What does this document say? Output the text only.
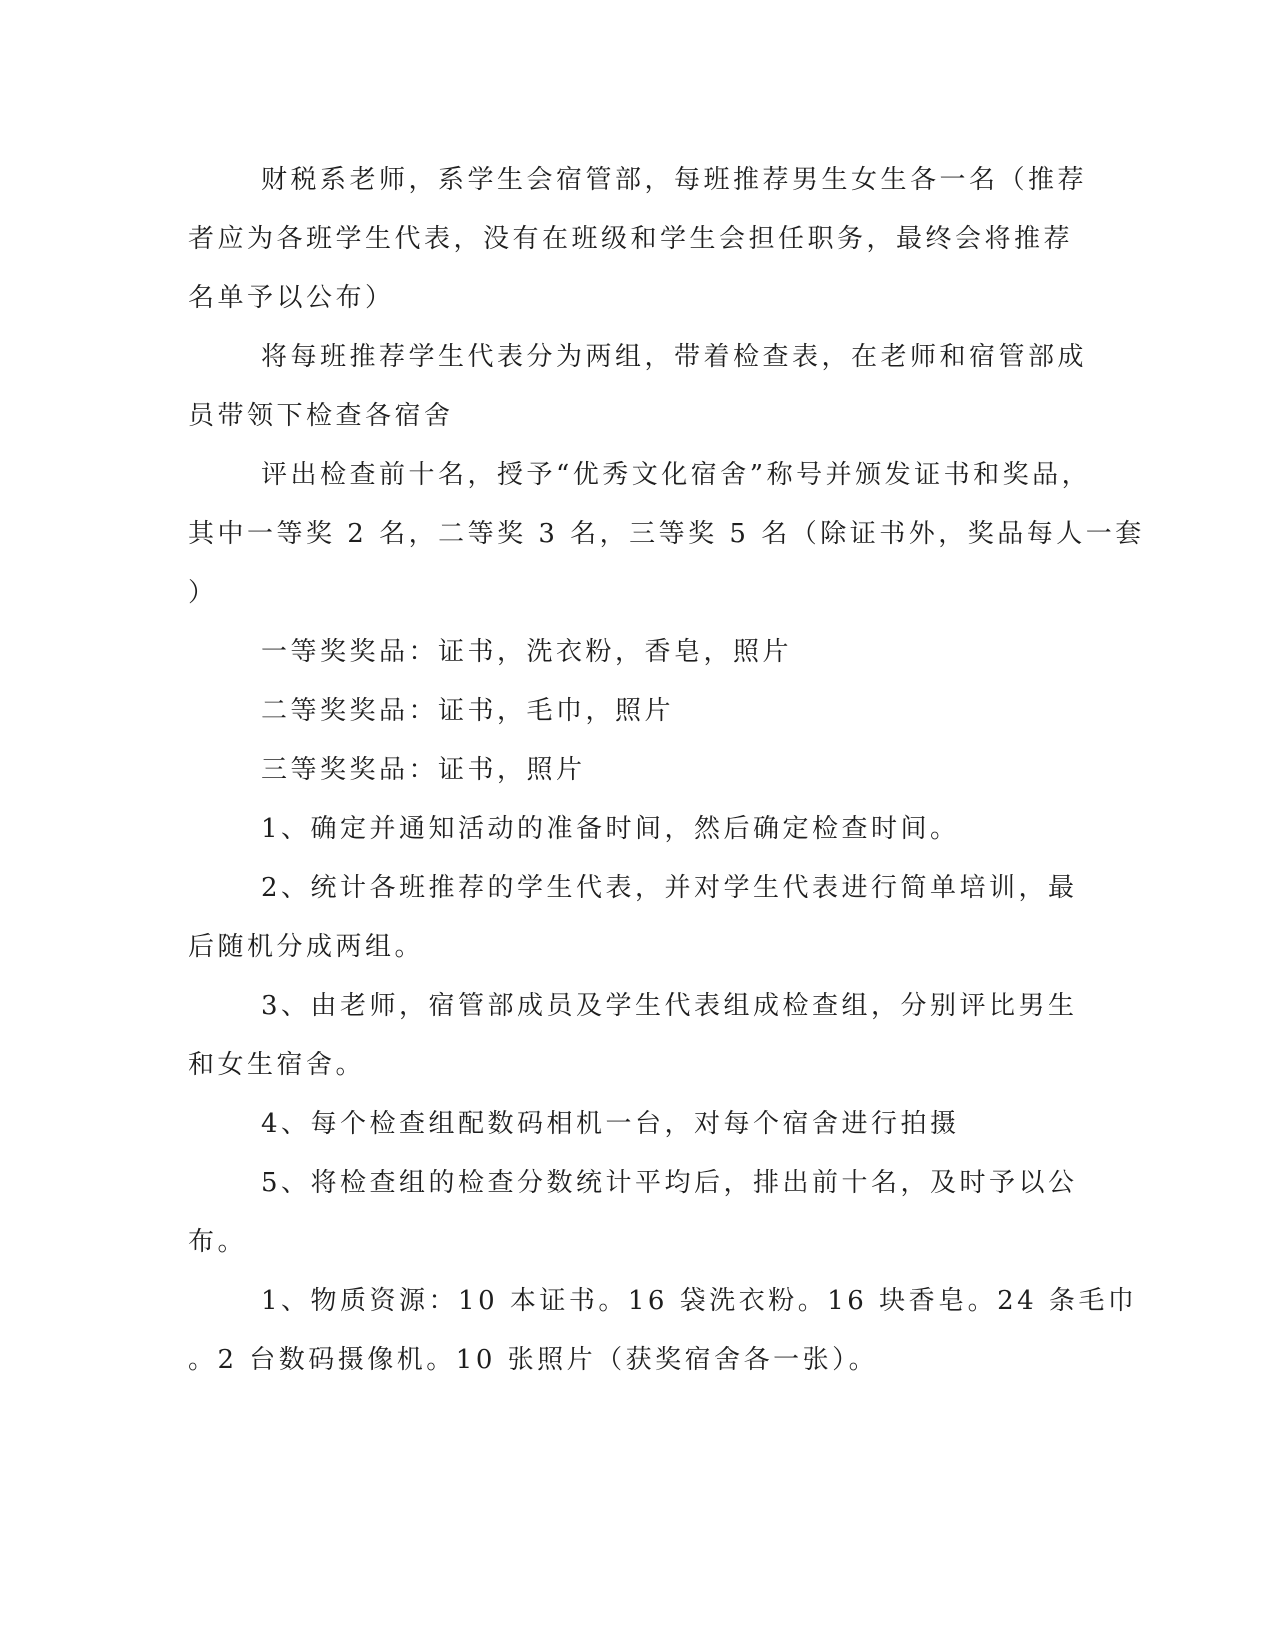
财税系老师，系学生会宿管部，每班推荐男生女生各一名（推荐
者应为各班学生代表，没有在班级和学生会担任职务，最终会将推荐
名单予以公布）
将每班推荐学生代表分为两组，带着检查表，在老师和宿管部成
员带领下检查各宿舍
评出检查前十名，授予“优秀文化宿舍”称号并颁发证书和奖品，
其中一等奖 2 名，二等奖 3 名，三等奖 5 名（除证书外，奖品每人一套
）
一等奖奖品：证书，洗衣粉，香皂，照片
二等奖奖品：证书，毛巾，照片
三等奖奖品：证书，照片
1、确定并通知活动的准备时间，然后确定检查时间。
2、统计各班推荐的学生代表，并对学生代表进行简单培训，最
后随机分成两组。
3、由老师，宿管部成员及学生代表组成检查组，分别评比男生
和女生宿舍。
4、每个检查组配数码相机一台，对每个宿舍进行拍摄
5、将检查组的检查分数统计平均后，排出前十名，及时予以公
布。
1、物质资源：10 本证书。16 袋洗衣粉。16 块香皂。24 条毛巾
。2 台数码摄像机。10 张照片（获奖宿舍各一张）。
